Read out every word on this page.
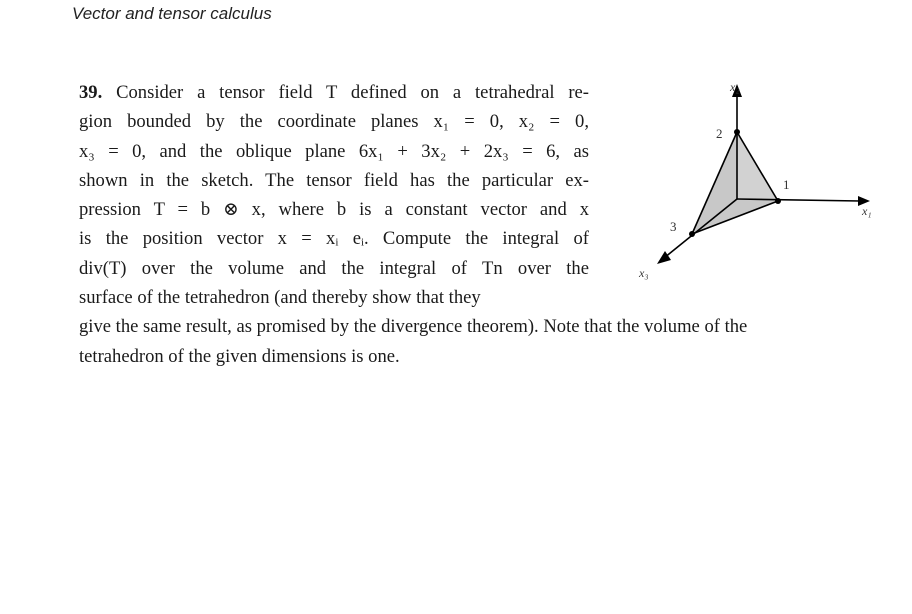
Vector and tensor calculus
39. Consider a tensor field T defined on a tetrahedral re-
gion bounded by the coordinate planes x₁ = 0, x₂ = 0,
x₃ = 0, and the oblique plane 6x₁ + 3x₂ + 2x₃ = 6, as
shown in the sketch. The tensor field has the particular ex-
pression T = b ⊗ x, where b is a constant vector and x
is the position vector x = xᵢ eᵢ. Compute the integral of
div(T) over the volume and the integral of Tn over the
surface of the tetrahedron (and thereby show that they
give the same result, as promised by the divergence theorem). Note that the volume of the
tetrahedron of the given dimensions is one.
x₂
x₁
x₃
2
1
3
